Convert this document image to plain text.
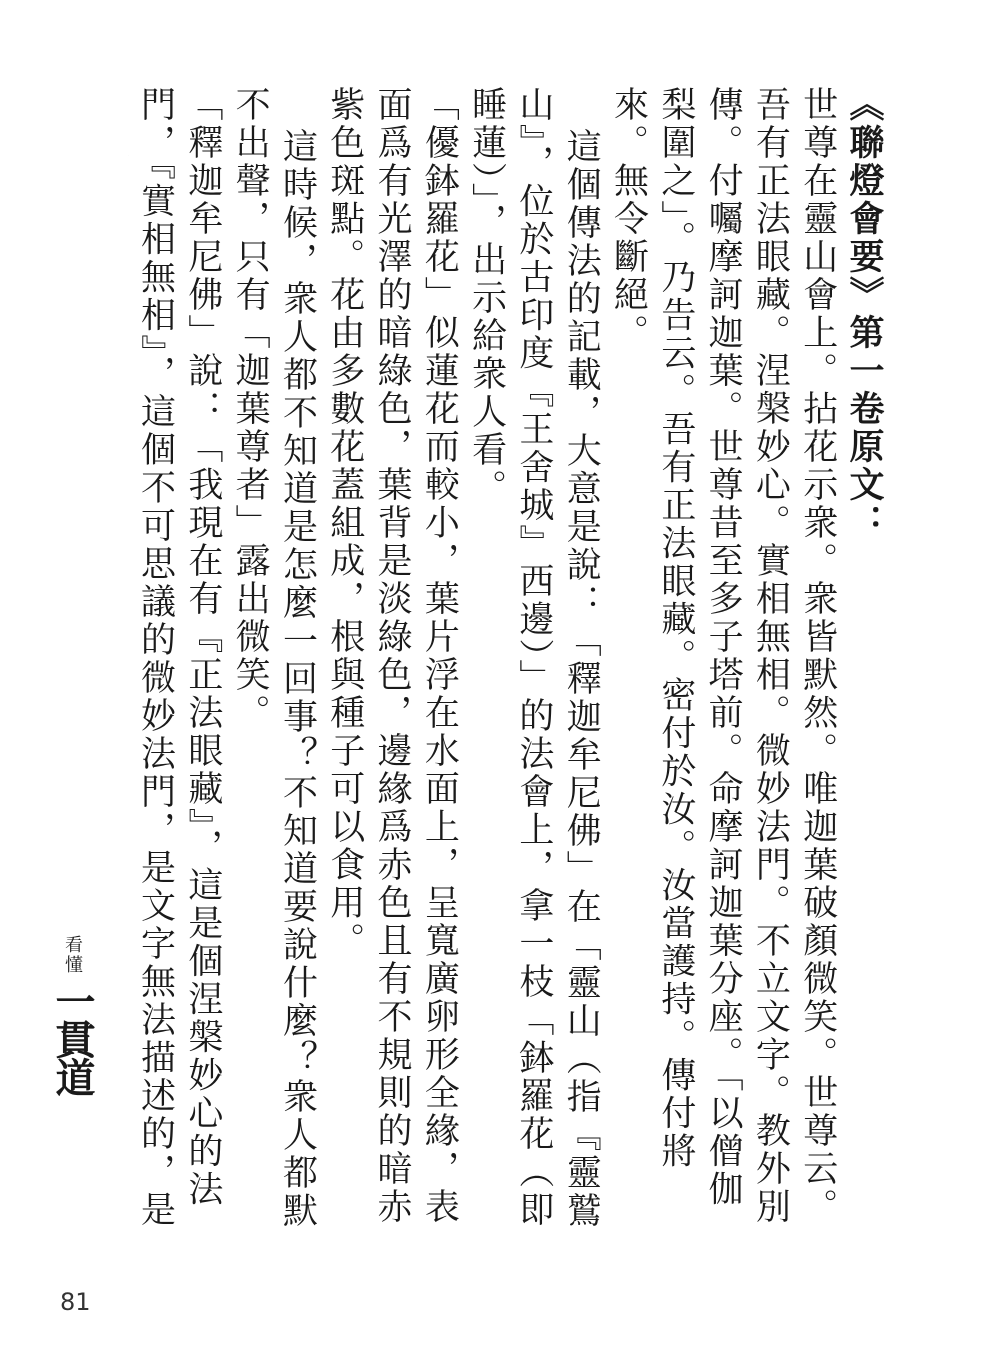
《聯燈會要》第一卷原文：

世尊在靈山會上。拈花示衆。衆皆默然。唯迦葉破顏微笑。世尊云。吾有正法眼藏。涅槃妙心。實相無相。微妙法門。不立文字。教外別傳。付囑摩訶迦葉。世尊昔至多子塔前。命摩訶迦葉分座。「以僧伽梨圍之」。乃告云。吾有正法眼藏。密付於汝。汝當護持。傳付將來。無令斷絕。

這個傳法的記載，大意是說：「釋迦牟尼佛」在「靈山（指『靈鷲山』，位於古印度『王舍城』西邊）」的法會上，拿一枝「鉢羅花（即睡蓮）」，出示給衆人看。

「優鉢羅花」似蓮花而較小，葉片浮在水面上，呈寬廣卵形全緣，表面爲有光澤的暗綠色，葉背是淡綠色，邊緣爲赤色且有不規則的暗赤紫色斑點。花由多數花蓋組成，根與種子可以食用。

這時候，衆人都不知道是怎麼一回事？不知道要說什麼？衆人都默不出聲，只有「迦葉尊者」露出微笑。

「釋迦牟尼佛」說：「我現在有『正法眼藏』，這是個涅槃妙心的法門，『實相無相』，這個不可思議的微妙法門，是文字無法描述的，是

看懂
一貫道
81
